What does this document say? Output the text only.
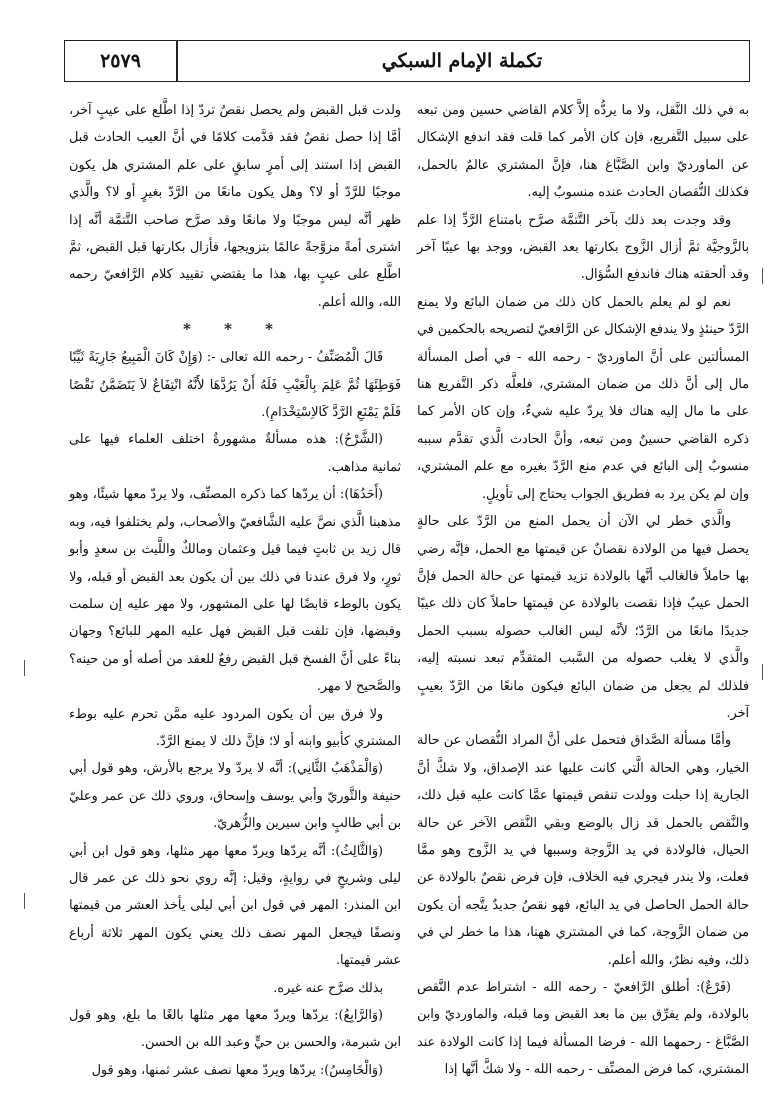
تكملة الإمام السبكي
٢٥٧٩

به في ذلك النَّقل، ولا ما يردُّه إلاَّ كلام القاضي حسين ومن تبعه على سبيل التَّفريع، فإن كان الأمر كما قلت فقد اندفع الإشكال عن الماورديّ وابن الصَّبَّاغ هنا، فإنَّ المشتري عالمٌ بالحمل، فكذلك النُّقصان الحادث عنده منسوبٌ إليه.

وقد وجدت بعد ذلك بآخر التَّتمَّة صرَّح بامتناع الرَّدِّ إذا علم بالزَّوجيَّة ثمَّ أزال الزَّوج بكارتها بعد القبض، ووجد بها عيبًا آخر وقد ألحقته هناك فاندفع السُّؤال.

نعم لو لم يعلم بالحمل كان ذلك من ضمان البائع ولا يمنع الرَّدّ حينئذٍ ولا يندفع الإشكال عن الرَّافعيّ لتصريحه بالحكمين في المسألتين على أنَّ الماورديّ - رحمه الله - في أصل المسألة مال إلى أنَّ ذلك من ضمان المشتري، فلعلَّه ذكر التَّفريع هنا على ما مال إليه هناك فلا يردّ عليه شيءٌ، وإن كان الأمر كما ذكره القاضي حسينٌ ومن تبعه، وأنَّ الحادث الَّذي تقدَّم سببه منسوبٌ إلى البائع في عدم منع الرَّدّ بغيره مع علم المشتري، وإن لم يكن يرد به فطريق الجواب يحتاج إلى تأويلٍ.

والَّذي خطر لي الآن أن يحمل المنع من الرَّدّ على حالةٍ يحصل فيها من الولادة نقصانٌ عن قيمتها مع الحمل، فإنَّه رضي بها حاملاً فالغالب أنَّها بالولادة تزيد قيمتها عن حالة الحمل فإنَّ الحمل عيبٌ فإذا نقصت بالولادة عن قيمتها حاملاً كان ذلك عيبًا جديدًا مانعًا من الرَّدّ؛ لأنَّه ليس الغالب حصوله بسبب الحمل والَّذي لا يغلب حصوله من السَّبب المتقدِّم تبعد نسبته إليه، فلذلك لم يجعل من ضمان البائع فيكون مانعًا من الرَّدّ بعيبٍ آخر.

وأمَّا مسألة الصَّداق فتحمل على أنَّ المراد النُّقصان عن حالة الخيار، وهي الحالة الَّتي كانت عليها عند الإصداق، ولا شكَّ أنَّ الجارية إذا حبلت وولدت تنقص قيمتها عمَّا كانت عليه قبل ذلك، والنَّقص بالحمل قد زال بالوضع وبقي النَّقص الآخر عن حالة الحيال، فالولادة في يد الزَّوجة وسببها في يد الزَّوج وهو ممَّا فعلت، ولا يندر فيجري فيه الخلاف، فإن فرض نقصٌ بالولادة عن حالة الحمل الحاصل في يد البائع، فهو نقصٌ جديدٌ يتَّجه أن يكون من ضمان الزَّوجة، كما في المشتري ههنا، هذا ما خطر لي في ذلك، وفيه نظرٌ، والله أعلم.

(فَرْعٌ): أطلق الرَّافعيّ - رحمه الله - اشتراط عدم النَّقص بالولادة، ولم يفرِّق بين ما بعد القبض وما قبله، والماورديّ وابن الصَّبَّاغ - رحمهما الله - فرضا المسألة فيما إذا كانت الولادة عند المشتري، كما فرض المصنِّف - رحمه الله - ولا شكَّ أنَّها إذا

ولدت قبل القبض ولم يحصل نقصٌ تردّ إذا اطَّلع على عيبٍ آخر، أمَّا إذا حصل نقصٌ فقد قدَّمت كلامًا في أنَّ العيب الحادث قبل القبض إذا استند إلى أمرٍ سابقٍ على علم المشتري هل يكون موجبًا للرَّدّ أو لا؟ وهل يكون مانعًا من الرَّدّ بغيرٍ أو لا؟ والَّذي ظهر أنَّه ليس موجبًا ولا مانعًا وقد صرَّح صاحب التَّتمَّة أنَّه إذا اشترى أمةً مزوَّجةً عالمًا بتزويجها، فأزال بكارتها قبل القبض، ثمَّ اطَّلع على عيبٍ بها، هذا ما يقتضي تقييد كلام الرَّافعيّ رحمه الله، والله أعلم.

* * *

قَالَ الْمُصَنِّفُ - رحمه الله تعالى -: (وَإِنْ كَانَ الْمَبِيعُ جَارِيَةً ثَيِّبًا فَوَطِئَهَا ثُمَّ عَلِمَ بِالْعَيْبِ فَلَهُ أَنْ يَرُدَّهَا لأَنَّهُ انْتِفَاعٌ لاَ يَتَضَمَّنُ نَقْصًا فَلَمْ يَمْنَعِ الرَّدَّ كَالاِسْتِخْدَامِ).

(الشَّرْحُ): هذه مسألةٌ مشهورةٌ اختلف العلماء فيها على ثمانية مذاهب.

(أَحَدُهَا): أن يردّها كما ذكره المصنِّف، ولا يردّ معها شيئًا، وهو مذهبنا الَّذي نصَّ عليه الشَّافعيّ والأصحاب، ولم يختلفوا فيه، وبه قال زيد بن ثابتٍ فيما قيل وعثمان ومالكٌ واللَّيث بن سعدٍ وأبو ثورٍ، ولا فرق عندنا في ذلك بين أن يكون بعد القبض أو قبله، ولا يكون بالوطء قابضًا لها على المشهور، ولا مهر عليه إن سلمت وقبضها، فإن تلفت قبل القبض فهل عليه المهر للبائع؟ وجهان بناءً على أنَّ الفسخ قبل القبض رفعٌ للعقد من أصله أو من حينه؟ والصَّحيح لا مهر.

ولا فرق بين أن يكون المردود عليه ممَّن تحرم عليه بوطء المشتري كأبيو وابنه أو لا؛ فإنَّ ذلك لا يمنع الرَّدّ.

(وَالْمَذْهَبُ الثَّانِي): أنَّه لا يردّ ولا يرجع بالأرش، وهو قول أبي حنيفة والثَّوريّ وأبي يوسف وإسحاق، وروي ذلك عن عمر وعليّ بن أبي طالبٍ وابن سيرين والزُّهريّ.

(وَالثَّالِثُ): أنَّه يردّها ويردّ معها مهر مثلها، وهو قول ابن أبي ليلى وشريحٍ في روايةٍ، وقيل: إنَّه روي نحو ذلك عن عمر قال ابن المنذر: المهر في قول ابن أبي ليلى يأخذ العشر من قيمتها ونصفًا فيجعل المهر نصف ذلك يعني يكون المهر ثلاثة أرباع عشر قيمتها.

بذلك صرَّح عنه غيره.

(وَالرَّابِعُ): يردّها ويردّ معها مهر مثلها بالغًا ما بلغ، وهو قول ابن شبرمة، والحسن بن حيٍّ وعبد الله بن الحسن.

(وَالْخَامِسُ): يردّها ويردّ معها نصف عشر ثمنها، وهو قول
